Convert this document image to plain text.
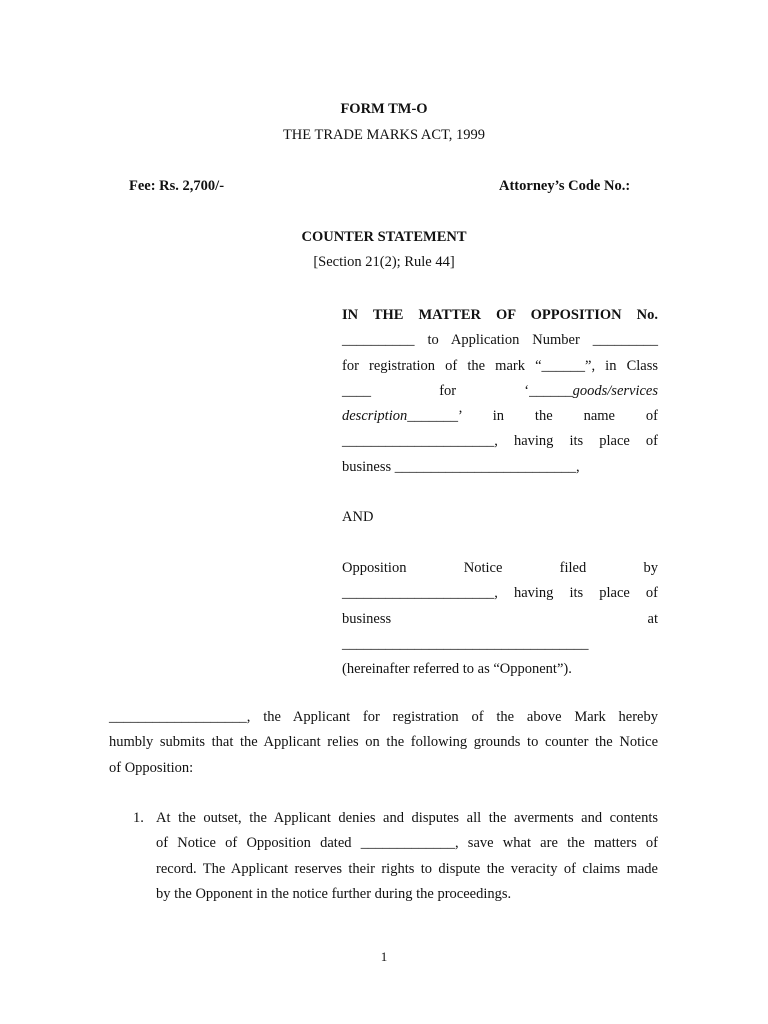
FORM TM-O
THE TRADE MARKS ACT, 1999
Fee: Rs. 2,700/-	Attorney’s Code No.:
COUNTER STATEMENT
[Section 21(2); Rule 44]
IN THE MATTER OF OPPOSITION No.
__________ to Application Number _________
for registration of the mark “______”, in Class
____	for	‘______goods/services
description_______’ in the name of
_____________________, having its place of
business _________________________,
AND
Opposition Notice filed by
_____________________, having its place of
business at
__________________________________
(hereinafter referred to as “Opponent”).
___________________, the Applicant for registration of the above Mark hereby
humbly submits that the Applicant relies on the following grounds to counter the Notice
of Opposition:
1. At the outset, the Applicant denies and disputes all the averments and contents
of Notice of Opposition dated _____________, save what are the matters of
record. The Applicant reserves their rights to dispute the veracity of claims made
by the Opponent in the notice further during the proceedings.
1
